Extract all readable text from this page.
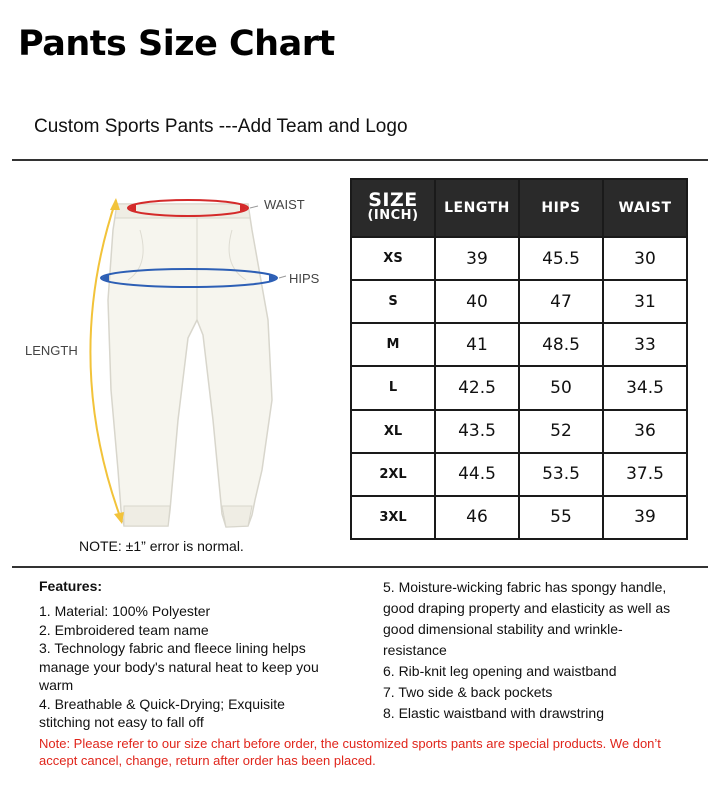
Pants Size Chart
Custom Sports Pants ---Add Team and Logo
WAIST
HIPS
LENGTH
NOTE: ±1” error is normal.
SIZE
(INCH)	LENGTH	HIPS	WAIST
XS	39	45.5	30
S	40	47	31
M	41	48.5	33
L	42.5	50	34.5
XL	43.5	52	36
2XL	44.5	53.5	37.5
3XL	46	55	39
Features:
1. Material: 100% Polyester
2. Embroidered team name
3. Technology fabric and fleece lining helps manage your body's natural heat to keep you warm
4. Breathable & Quick-Drying; Exquisite stitching not easy to fall off
5. Moisture-wicking fabric has spongy handle, good draping property and elasticity as well as good dimensional stability and wrinkle-resistance
6. Rib-knit leg opening and waistband
7. Two side & back pockets
8. Elastic waistband with drawstring
Note: Please refer to our size chart before order, the customized sports pants are special products. We don’t accept cancel, change, return after order has been placed.
